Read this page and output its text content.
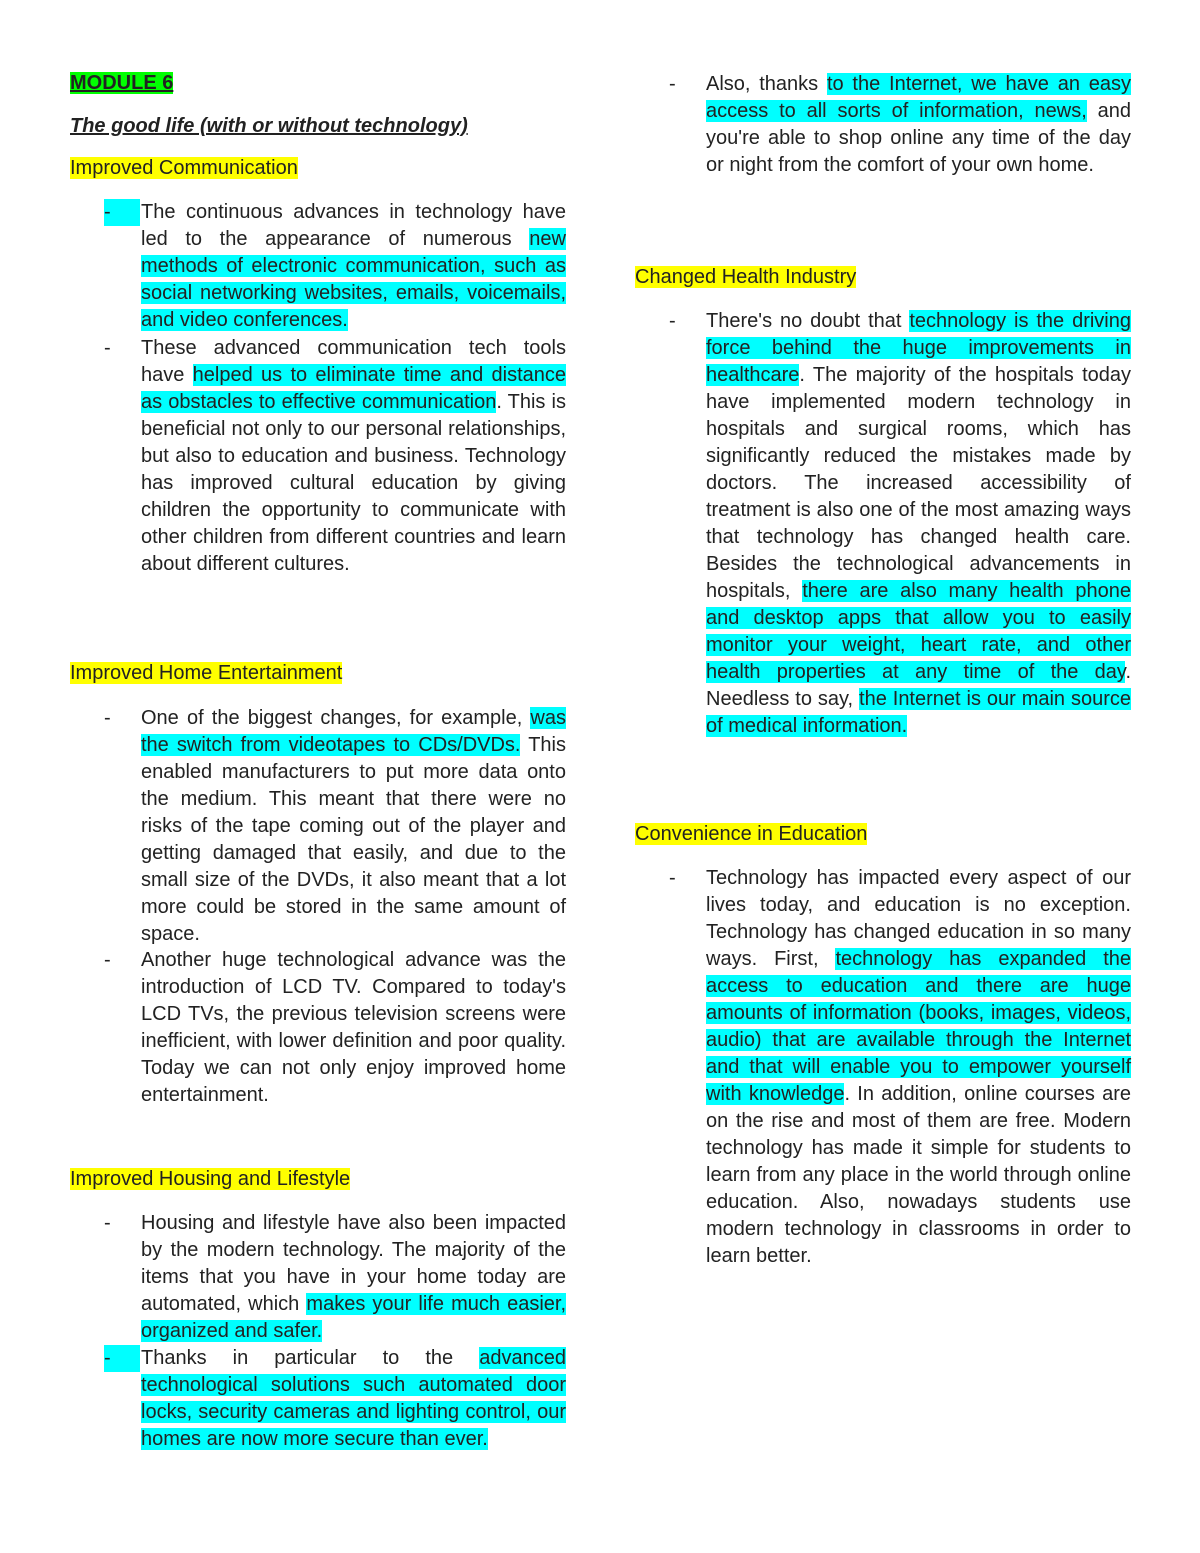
MODULE 6
The good life (with or without technology)
Improved Communication
-	The continuous advances in technology have led to the appearance of numerous new methods of electronic communication, such as social networking websites, emails, voicemails, and video conferences.
-	These advanced communication tech tools have helped us to eliminate time and distance as obstacles to effective communication. This is beneficial not only to our personal relationships, but also to education and business. Technology has improved cultural education by giving children the opportunity to communicate with other children from different countries and learn about different cultures.
Improved Home Entertainment
-	One of the biggest changes, for example, was the switch from videotapes to CDs/DVDs. This enabled manufacturers to put more data onto the medium. This meant that there were no risks of the tape coming out of the player and getting damaged that easily, and due to the small size of the DVDs, it also meant that a lot more could be stored in the same amount of space.
-	Another huge technological advance was the introduction of LCD TV. Compared to today's LCD TVs, the previous television screens were inefficient, with lower definition and poor quality. Today we can not only enjoy improved home entertainment.
Improved Housing and Lifestyle
-	Housing and lifestyle have also been impacted by the modern technology. The majority of the items that you have in your home today are automated, which makes your life much easier, organized and safer.
-	Thanks in particular to the advanced technological solutions such automated door locks, security cameras and lighting control, our homes are now more secure than ever.
-	Also, thanks to the Internet, we have an easy access to all sorts of information, news, and you're able to shop online any time of the day or night from the comfort of your own home.
Changed Health Industry
-	There's no doubt that technology is the driving force behind the huge improvements in healthcare. The majority of the hospitals today have implemented modern technology in hospitals and surgical rooms, which has significantly reduced the mistakes made by doctors. The increased accessibility of treatment is also one of the most amazing ways that technology has changed health care. Besides the technological advancements in hospitals, there are also many health phone and desktop apps that allow you to easily monitor your weight, heart rate, and other health properties at any time of the day. Needless to say, the Internet is our main source of medical information.
Convenience in Education
-	Technology has impacted every aspect of our lives today, and education is no exception. Technology has changed education in so many ways. First, technology has expanded the access to education and there are huge amounts of information (books, images, videos, audio) that are available through the Internet and that will enable you to empower yourself with knowledge. In addition, online courses are on the rise and most of them are free. Modern technology has made it simple for students to learn from any place in the world through online education. Also, nowadays students use modern technology in classrooms in order to learn better.
